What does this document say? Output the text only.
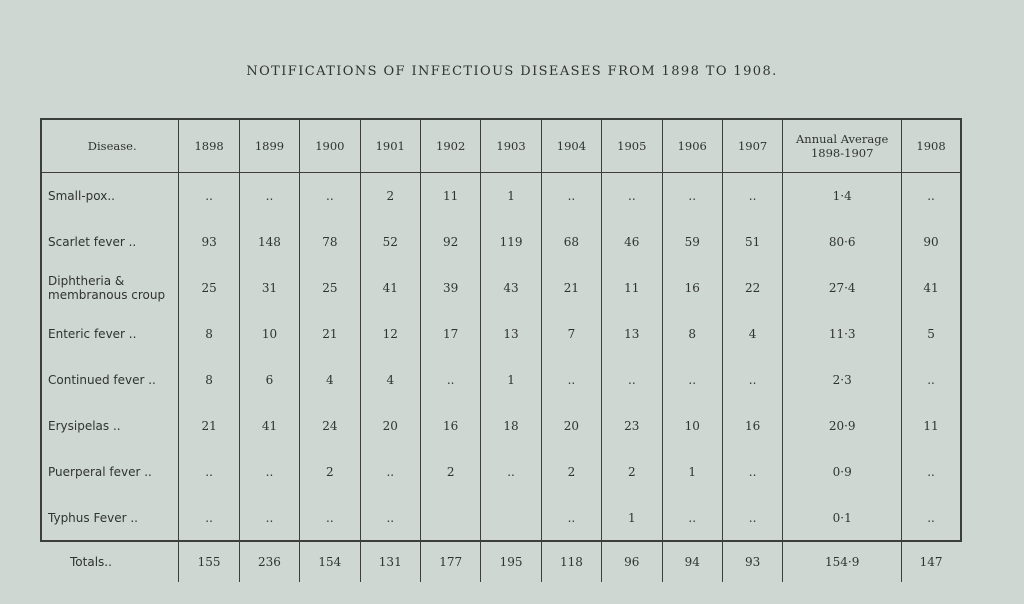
NOTIFICATIONS OF INFECTIOUS DISEASES FROM 1898 TO 1908.
Disease.	1898	1899	1900	1901	1902	1903	1904	1905	1906	1907	Annual Average 1898-1907	1908
Small-pox..	..	..	..	2	11	1	..	..	..	..	1·4	..
Scarlet fever ..	93	148	78	52	92	119	68	46	59	51	80·6	90
Diphtheria & membranous croup	25	31	25	41	39	43	21	11	16	22	27·4	41
Enteric fever ..	8	10	21	12	17	13	7	13	8	4	11·3	5
Continued fever ..	8	6	4	4	..	1	..	..	..	..	2·3	..
Erysipelas ..	21	41	24	20	16	18	20	23	10	16	20·9	11
Puerperal fever ..	..	..	2	..	2	..	2	2	1	..	0·9	..
Typhus Fever ..	..	..	..	..			..	1	..	..	0·1	..
Totals..	155	236	154	131	177	195	118	96	94	93	154·9	147
